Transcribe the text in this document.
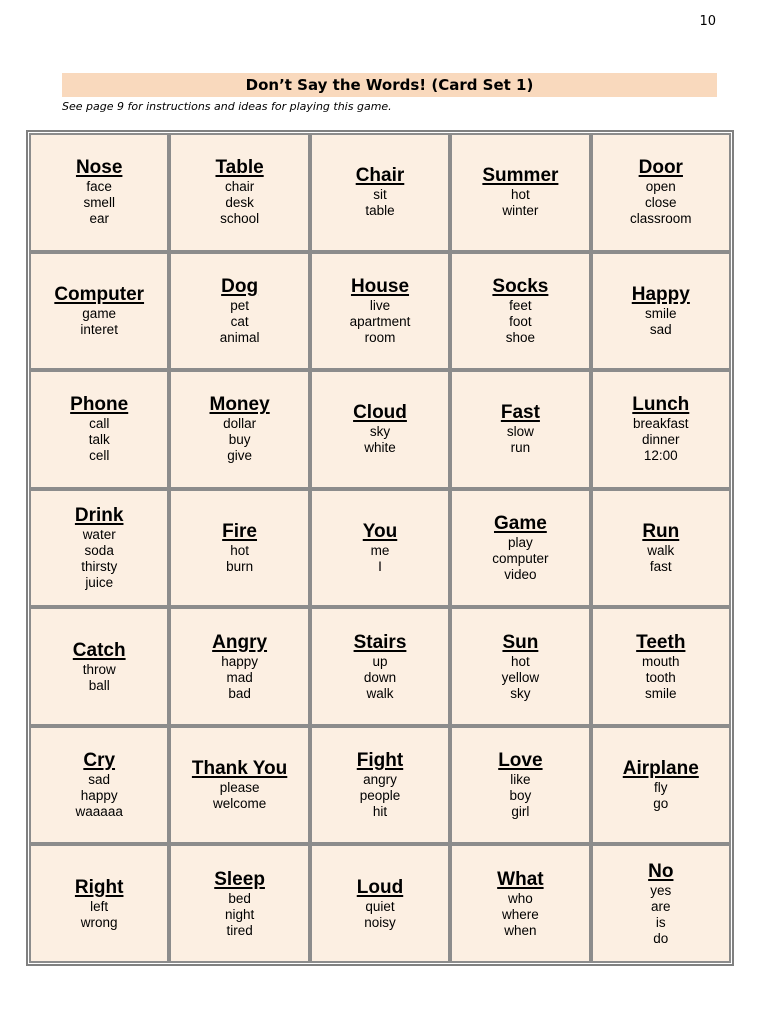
10
Don’t Say the Words! (Card Set 1)
See page 9 for instructions and ideas for playing this game.
Nose
face
smell
ear
Table
chair
desk
school
Chair
sit
table
Summer
hot
winter
Door
open
close
classroom
Computer
game
interet
Dog
pet
cat
animal
House
live
apartment
room
Socks
feet
foot
shoe
Happy
smile
sad
Phone
call
talk
cell
Money
dollar
buy
give
Cloud
sky
white
Fast
slow
run
Lunch
breakfast
dinner
12:00
Drink
water
soda
thirsty
juice
Fire
hot
burn
You
me
I
Game
play
computer
video
Run
walk
fast
Catch
throw
ball
Angry
happy
mad
bad
Stairs
up
down
walk
Sun
hot
yellow
sky
Teeth
mouth
tooth
smile
Cry
sad
happy
waaaaa
Thank You
please
welcome
Fight
angry
people
hit
Love
like
boy
girl
Airplane
fly
go
Right
left
wrong
Sleep
bed
night
tired
Loud
quiet
noisy
What
who
where
when
No
yes
are
is
do
